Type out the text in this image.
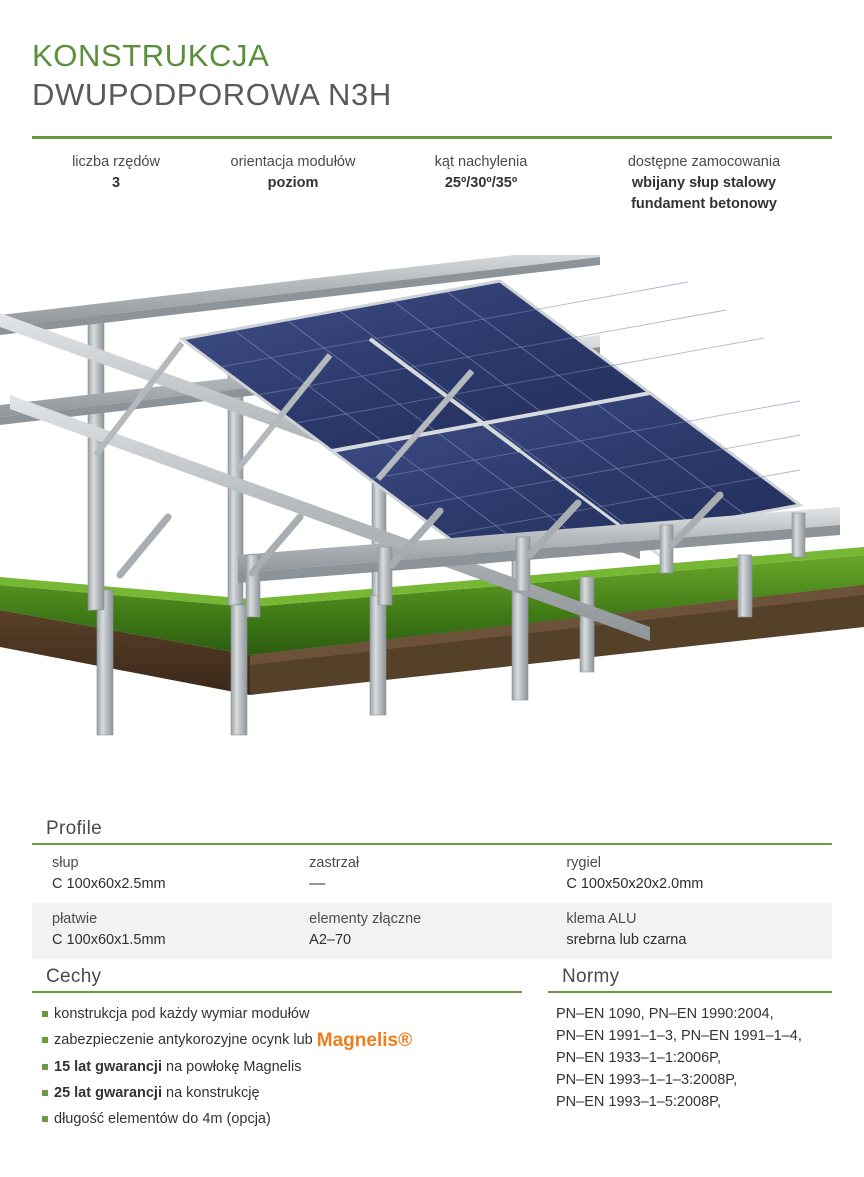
KONSTRUKCJA
DWUPODPOROWA N3H
liczba rzędów
3
orientacja modułów
poziom
kąt nachylenia
25º/30º/35º
dostępne zamocowania
wbijany słup stalowy
fundament betonowy
Profile
słup
C 100x60x2.5mm
zastrzał
––
rygiel
C 100x50x20x2.0mm
płatwie
C 100x60x1.5mm
elementy złączne
A2–70
klema ALU
srebrna lub czarna
Cechy
konstrukcja pod każdy wymiar modułów
zabezpieczenie antykorozyjne ocynk lub Magnelis®
15 lat gwarancji na powłokę Magnelis
25 lat gwarancji na konstrukcję
długość elementów do 4m (opcja)
Normy
PN–EN 1090, PN–EN 1990:2004,
PN–EN 1991–1–3, PN–EN 1991–1–4,
PN–EN 1933–1–1:2006P,
PN–EN 1993–1–1–3:2008P,
PN–EN 1993–1–5:2008P,
